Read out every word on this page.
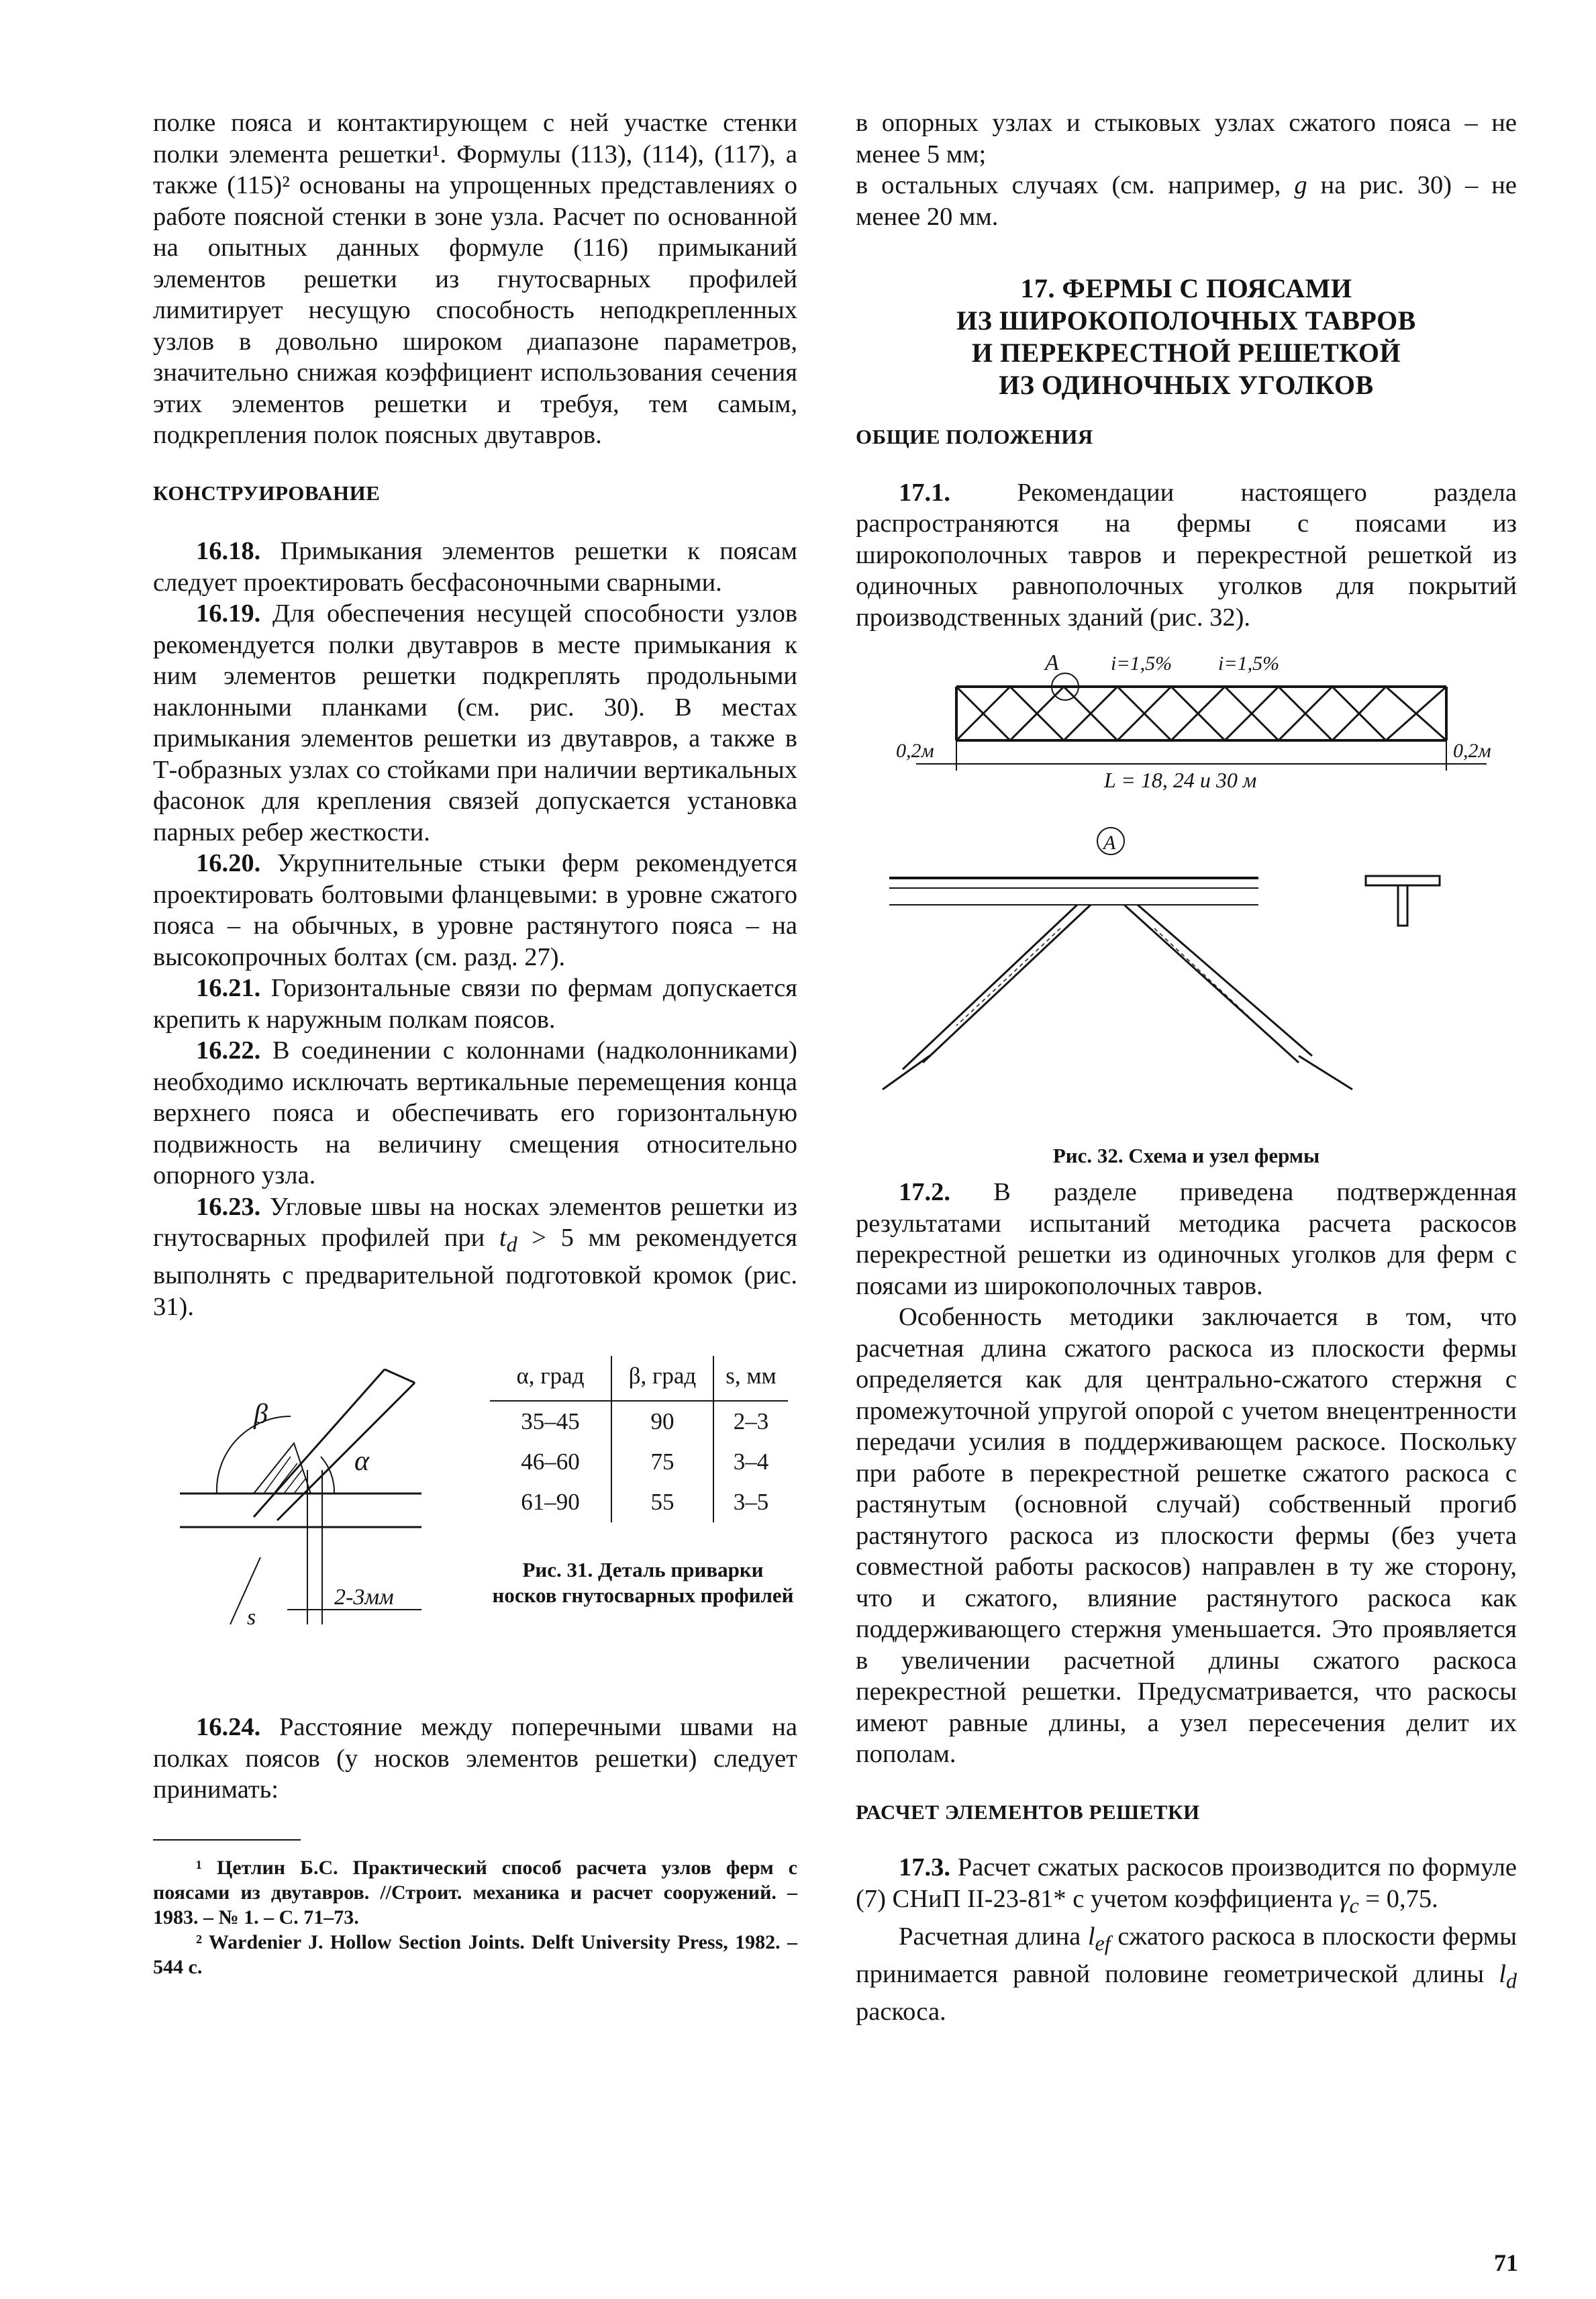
полке пояса и контактирующем с ней участке стенки полки элемента решетки¹. Формулы (113), (114), (117), а также (115)² основаны на упрощенных представлениях о работе поясной стенки в зоне узла. Расчет по основанной на опытных данных формуле (116) примыканий элементов решетки из гнутосварных профилей лимитирует несущую способность неподкрепленных узлов в довольно широком диапазоне параметров, значительно снижая коэффициент использования сечения этих элементов решетки и требуя, тем самым, подкрепления полок поясных двутавров.

КОНСТРУИРОВАНИЕ

16.18. Примыкания элементов решетки к поясам следует проектировать бесфасоночными сварными.

16.19. Для обеспечения несущей способности узлов рекомендуется полки двутавров в месте примыкания к ним элементов решетки подкреплять продольными наклонными планками (см. рис. 30). В местах примыкания элементов решетки из двутавров, а также в Т-образных узлах со стойками при наличии вертикальных фасонок для крепления связей допускается установка парных ребер жесткости.

16.20. Укрупнительные стыки ферм рекомендуется проектировать болтовыми фланцевыми: в уровне сжатого пояса – на обычных, в уровне растянутого пояса – на высокопрочных болтах (см. разд. 27).

16.21. Горизонтальные связи по фермам допускается крепить к наружным полкам поясов.

16.22. В соединении с колоннами (надколонниками) необходимо исключать вертикальные перемещения конца верхнего пояса и обеспечивать его горизонтальную подвижность на величину смещения относительно опорного узла.

16.23. Угловые швы на носках элементов решетки из гнутосварных профилей при $t_d > 5$ мм рекомендуется выполнять с предварительной подготовкой кромок (рис. 31).

β
α
s
2-3мм
α, град	β, град	s, мм
35–45	90	2–3
46–60	75	3–4
61–90	55	3–5
Рис. 31. Деталь приварки носков гнутосварных профилей

16.24. Расстояние между поперечными швами на полках поясов (у носков элементов решетки) следует принимать:

¹ Цетлин Б.С. Практический способ расчета узлов ферм с поясами из двутавров. //Строит. механика и расчет сооружений. – 1983. – № 1. – С. 71–73.

² Wardenier J. Hollow Section Joints. Delft University Press, 1982. – 544 с.

в опорных узлах и стыковых узлах сжатого пояса – не менее 5 мм;

в остальных случаях (см. например, g на рис. 30) – не менее 20 мм.

17. ФЕРМЫ С ПОЯСАМИ
ИЗ ШИРОКОПОЛОЧНЫХ ТАВРОВ
И ПЕРЕКРЕСТНОЙ РЕШЕТКОЙ
ИЗ ОДИНОЧНЫХ УГОЛКОВ

ОБЩИЕ ПОЛОЖЕНИЯ

17.1. Рекомендации настоящего раздела распространяются на фермы с поясами из широкополочных тавров и перекрестной решеткой из одиночных равнополочных уголков для покрытий производственных зданий (рис. 32).

А	i=1,5% i=1,5%
0,2м	0,2м
L = 18, 24 и 30 м
А
Рис. 32. Схема и узел фермы

17.2. В разделе приведена подтвержденная результатами испытаний методика расчета раскосов перекрестной решетки из одиночных уголков для ферм с поясами из широкополочных тавров.

Особенность методики заключается в том, что расчетная длина сжатого раскоса из плоскости фермы определяется как для центрально-сжатого стержня с промежуточной упругой опорой с учетом внецентренности передачи усилия в поддерживающем раскосе. Поскольку при работе в перекрестной решетке сжатого раскоса с растянутым (основной случай) собственный прогиб растянутого раскоса из плоскости фермы (без учета совместной работы раскосов) направлен в ту же сторону, что и сжатого, влияние растянутого раскоса как поддерживающего стержня уменьшается. Это проявляется в увеличении расчетной длины сжатого раскоса перекрестной решетки. Предусматривается, что раскосы имеют равные длины, а узел пересечения делит их пополам.

РАСЧЕТ ЭЛЕМЕНТОВ РЕШЕТКИ

17.3. Расчет сжатых раскосов производится по формуле (7) СНиП II-23-81* с учетом коэффициента $\gamma_c = 0,75$.

Расчетная длина $l_{ef}$ сжатого раскоса в плоскости фермы принимается равной половине геометрической длины $l_d$ раскоса.

71
